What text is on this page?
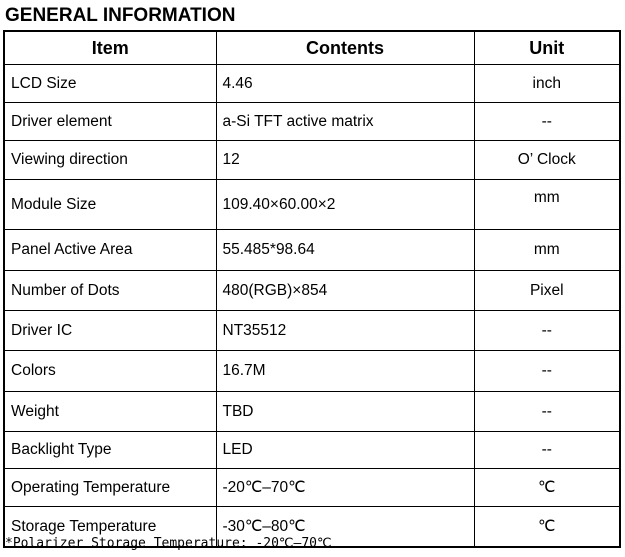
GENERAL INFORMATION
Item	Contents	Unit
LCD Size	4.46	inch
Driver element	a-Si TFT active matrix	--
Viewing direction	12	O’ Clock
Module Size	109.40×60.00×2	mm
Panel Active Area	55.485*98.64	mm
Number of Dots	480(RGB)×854	Pixel
Driver IC	NT35512	--
Colors	16.7M	--
Weight	TBD	--
Backlight Type	LED	--
Operating Temperature	-20℃–70℃	℃
Storage Temperature	-30℃–80℃	℃
*Polarizer Storage Temperature: -20℃–70℃
